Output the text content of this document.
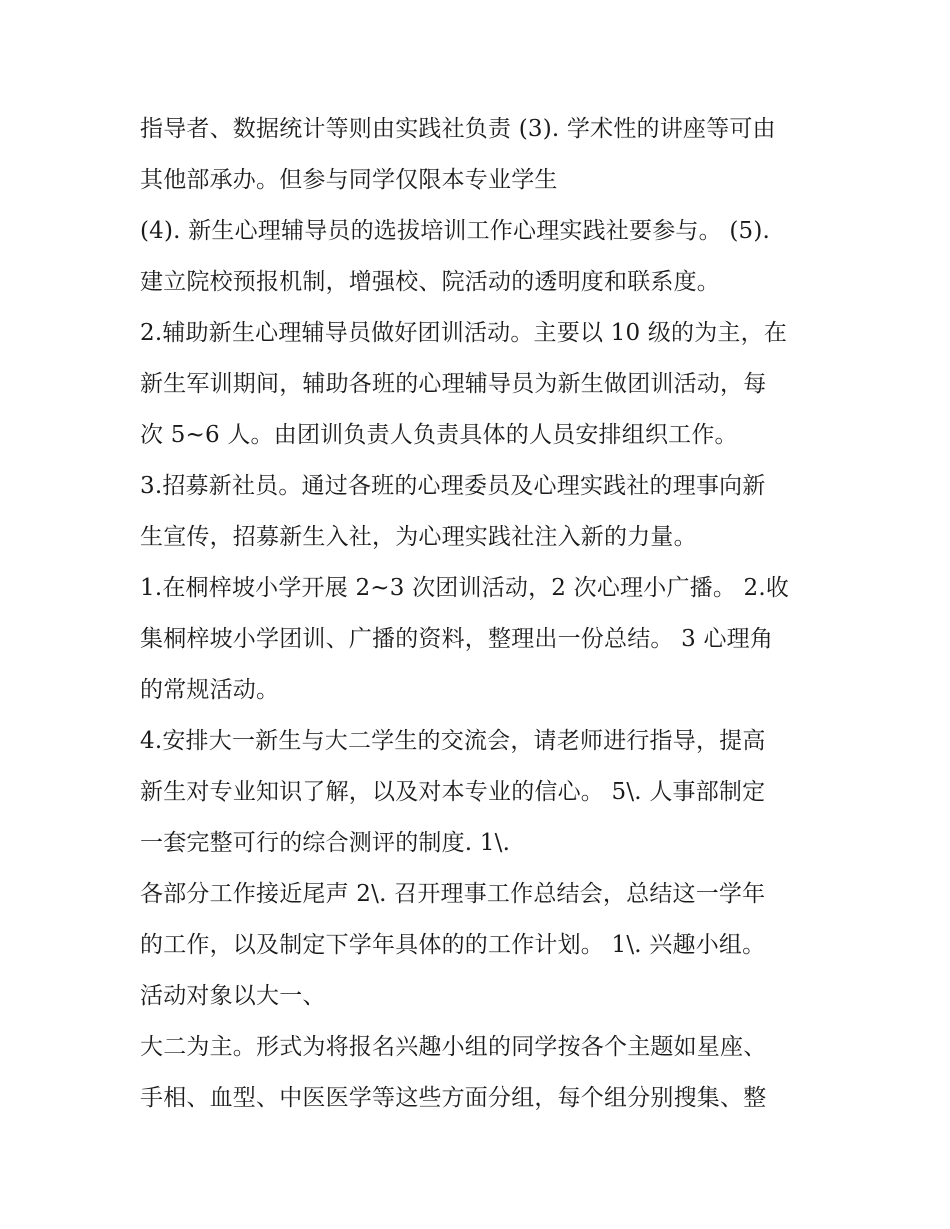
指导者、数据统计等则由实践社负责 (3). 学术性的讲座等可由
其他部承办。但参与同学仅限本专业学生
(4). 新生心理辅导员的选拔培训工作心理实践社要参与。 (5).
建立院校预报机制，增强校、院活动的透明度和联系度。
2.辅助新生心理辅导员做好团训活动。主要以 10 级的为主，在
新生军训期间，辅助各班的心理辅导员为新生做团训活动，每
次 5~6 人。由团训负责人负责具体的人员安排组织工作。
3.招募新社员。通过各班的心理委员及心理实践社的理事向新
生宣传，招募新生入社，为心理实践社注入新的力量。
1.在桐梓坡小学开展 2~3 次团训活动，2 次心理小广播。 2.收
集桐梓坡小学团训、广播的资料，整理出一份总结。 3 心理角
的常规活动。
4.安排大一新生与大二学生的交流会，请老师进行指导，提高
新生对专业知识了解，以及对本专业的信心。 5\. 人事部制定
一套完整可行的综合测评的制度. 1\.
各部分工作接近尾声 2\. 召开理事工作总结会，总结这一学年
的工作，以及制定下学年具体的的工作计划。 1\. 兴趣小组。
活动对象以大一、
大二为主。形式为将报名兴趣小组的同学按各个主题如星座、
手相、血型、中医医学等这些方面分组，每个组分别搜集、整
